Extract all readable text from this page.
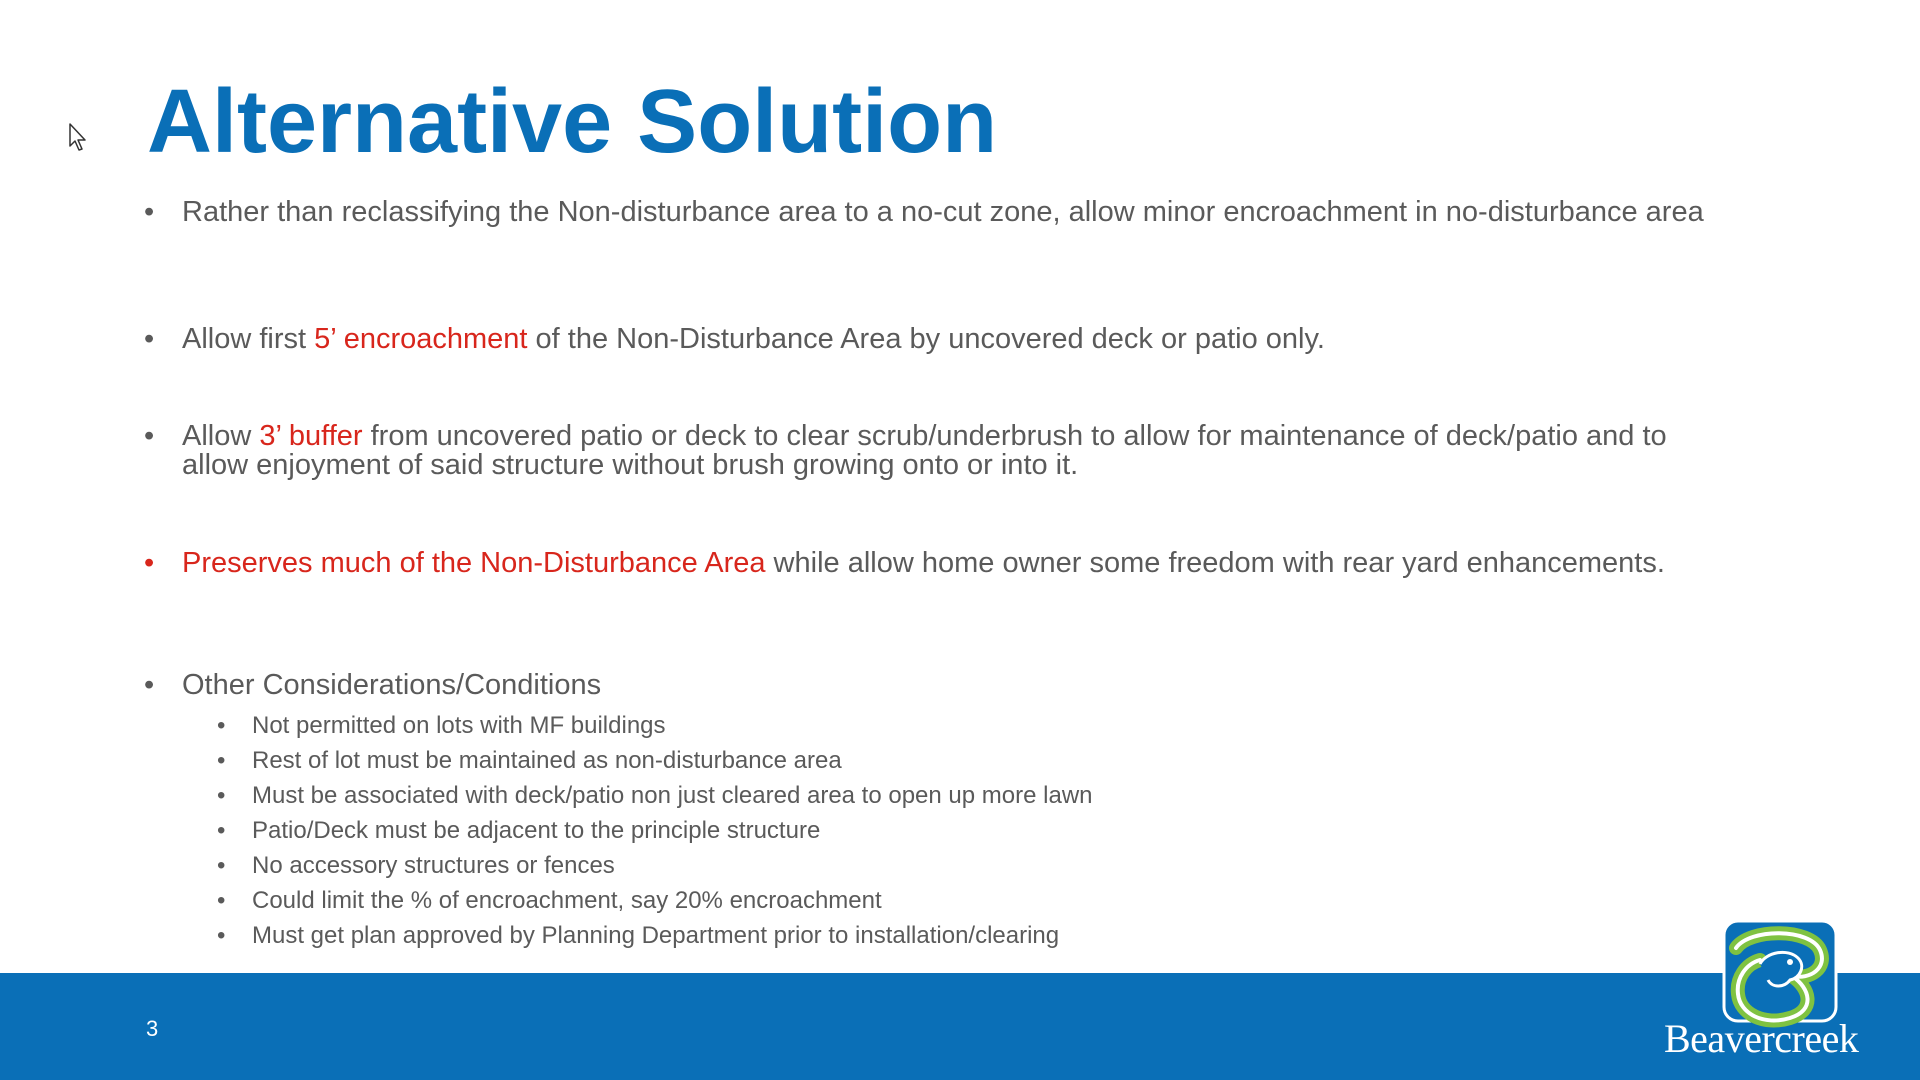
Alternative Solution
• Rather than reclassifying the Non-disturbance area to a no-cut zone, allow minor encroachment in no-disturbance area
• Allow first 5’ encroachment of the Non-Disturbance Area by uncovered deck or patio only.
• Allow 3’ buffer from uncovered patio or deck to clear scrub/underbrush to allow for maintenance of deck/patio and to allow enjoyment of said structure without brush growing onto or into it.
• Preserves much of the Non-Disturbance Area while allow home owner some freedom with rear yard enhancements.
• Other Considerations/Conditions
• Not permitted on lots with MF buildings
• Rest of lot must be maintained as non-disturbance area
• Must be associated with deck/patio non just cleared area to open up more lawn
• Patio/Deck must be adjacent to the principle structure
• No accessory structures or fences
• Could limit the % of encroachment, say 20% encroachment
• Must get plan approved by Planning Department prior to installation/clearing
3	Beavercreek
